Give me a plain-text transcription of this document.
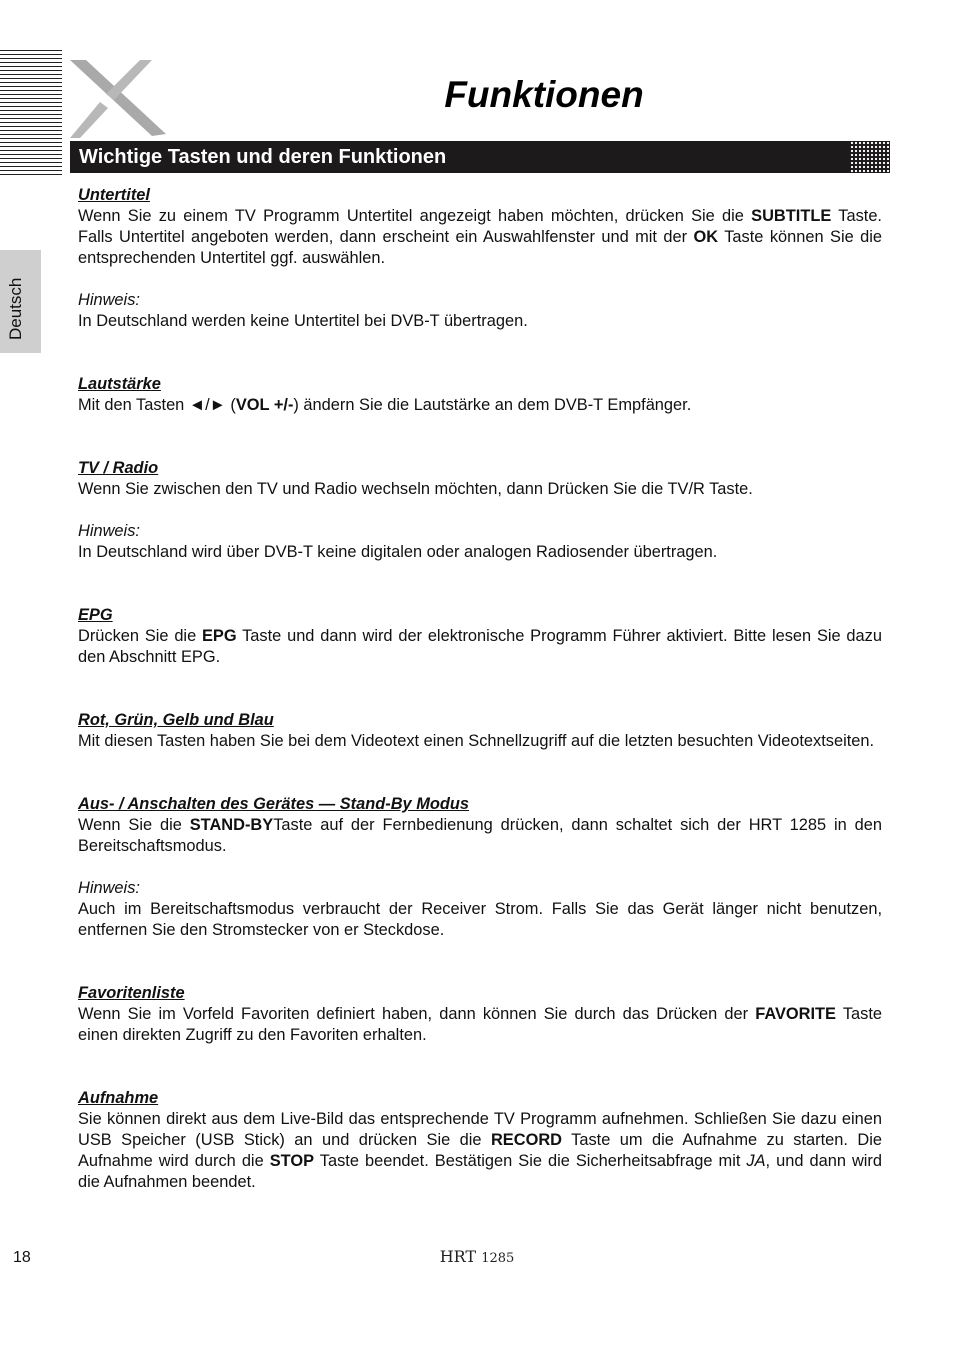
Funktionen
Wichtige Tasten und deren Funktionen
Deutsch
Untertitel
Wenn Sie zu einem TV Programm Untertitel angezeigt haben möchten, drücken Sie die SUBTITLE Taste. Falls Untertitel angeboten werden, dann erscheint ein Auswahlfenster und mit der OK Taste können Sie die entsprechenden Untertitel ggf. auswählen.
Hinweis:
In Deutschland werden keine Untertitel bei DVB-T übertragen.
Lautstärke
Mit den Tasten ◄/► (VOL +/-) ändern Sie die Lautstärke an dem DVB-T Empfänger.
TV / Radio
Wenn Sie zwischen den TV und Radio wechseln möchten, dann Drücken Sie die TV/R Taste.
Hinweis:
In Deutschland wird über DVB-T keine digitalen oder analogen Radiosender übertragen.
EPG
Drücken Sie die EPG Taste und dann wird der elektronische Programm Führer aktiviert. Bitte lesen Sie dazu den Abschnitt EPG.
Rot, Grün, Gelb und Blau
Mit diesen Tasten haben Sie bei dem Videotext einen Schnellzugriff auf die letzten besuchten Videotextseiten.
Aus- / Anschalten des Gerätes — Stand-By Modus
Wenn Sie die STAND-BYTaste auf der Fernbedienung drücken, dann schaltet sich der HRT 1285 in den Bereitschaftsmodus.
Hinweis:
Auch im Bereitschaftsmodus verbraucht der Receiver Strom. Falls Sie das Gerät länger nicht benutzen, entfernen Sie den Stromstecker von er Steckdose.
Favoritenliste
Wenn Sie im Vorfeld Favoriten definiert haben, dann können Sie durch das Drücken der FAVORITE Taste einen direkten Zugriff zu den Favoriten erhalten.
Aufnahme
Sie können direkt aus dem Live-Bild das entsprechende TV Programm aufnehmen. Schließen Sie dazu einen USB Speicher (USB Stick) an und drücken Sie die RECORD Taste um die Aufnahme zu starten. Die Aufnahme wird durch die STOP Taste beendet. Bestätigen Sie die Sicherheitsabfrage mit JA, und dann wird die Aufnahmen beendet.
18	HRT 1285
